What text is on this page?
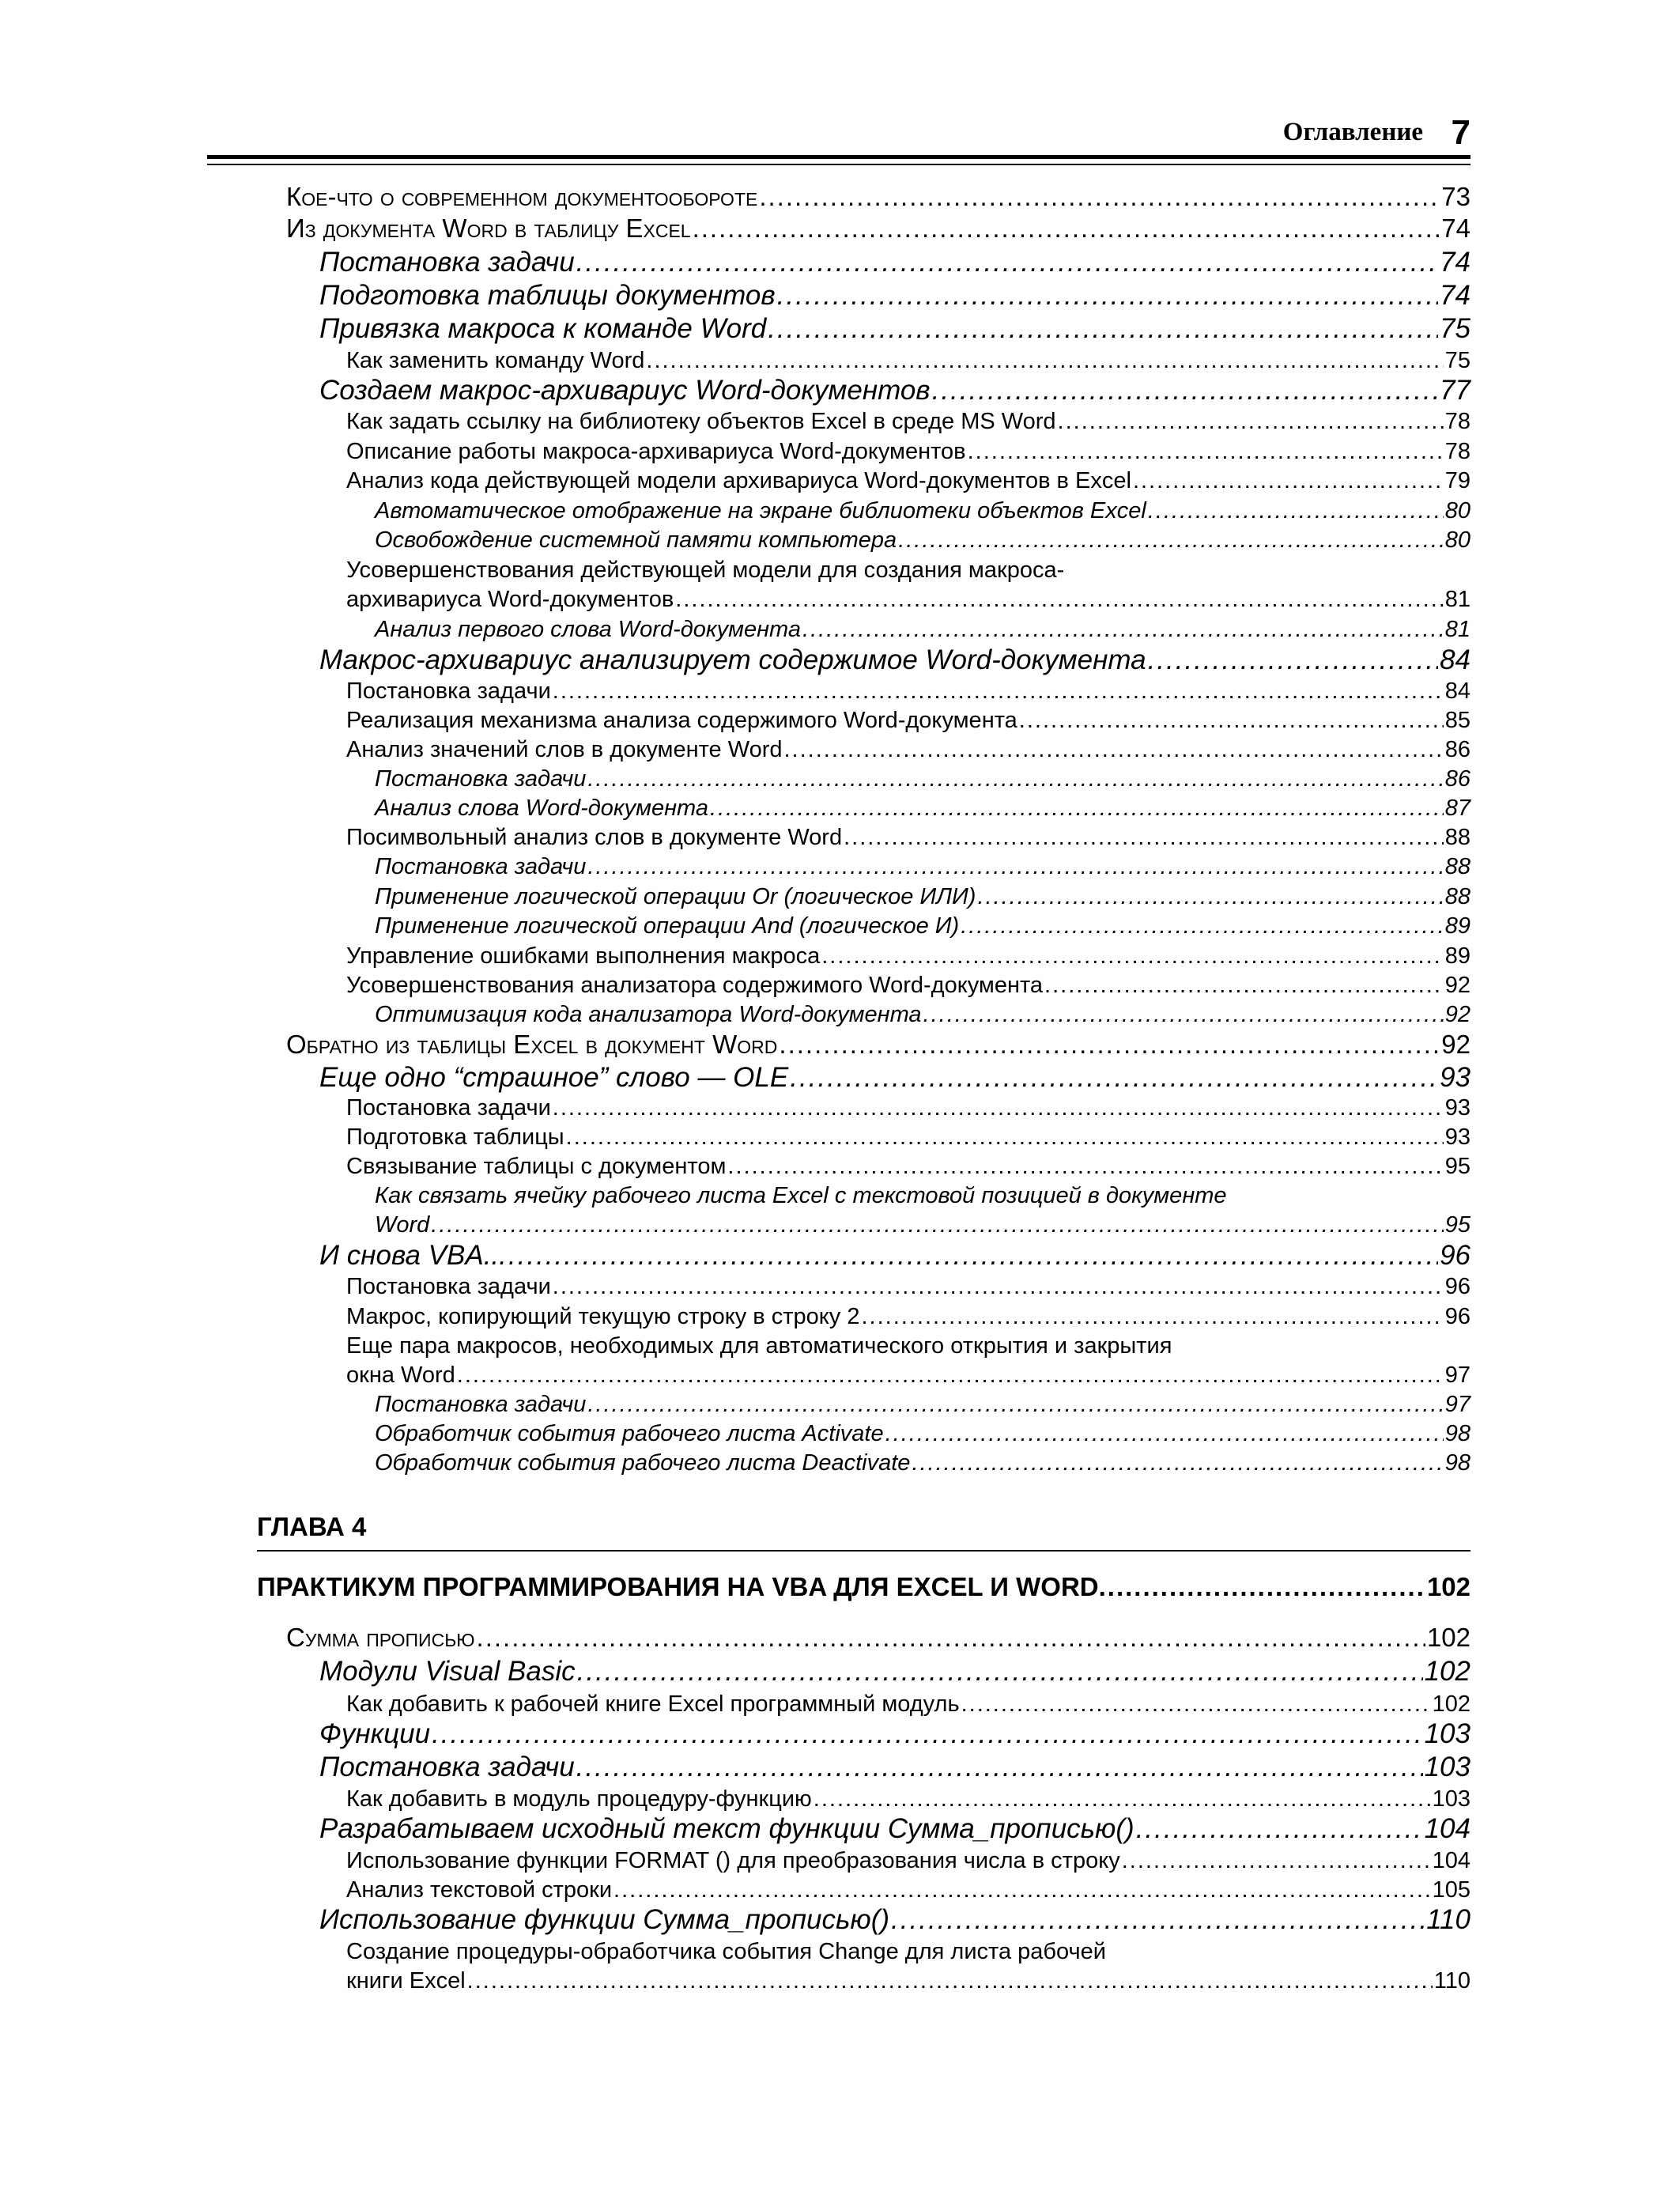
Оглавление 7
Кое-что о современном документообороте .....	73
Из документа Word в таблицу Excel .....	74
Постановка задачи .....	74
Подготовка таблицы документов .....	74
Привязка макроса к команде Word .....	75
Как заменить команду Word .....	75
Создаем макрос-архивариус Word-документов .....	77
Как задать ссылку на библиотеку объектов Excel в среде MS Word .....	78
Описание работы макроса-архивариуса Word-документов .....	78
Анализ кода действующей модели архивариуса Word-документов в Excel .....	79
Автоматическое отображение на экране библиотеки объектов Excel .....	80
Освобождение системной памяти компьютера .....	80
Усовершенствования действующей модели для создания макроса-
архивариуса Word-документов .....	81
Анализ первого слова Word-документа .....	81
Макрос-архивариус анализирует содержимое Word-документа .....	84
Постановка задачи .....	84
Реализация механизма анализа содержимого Word-документа .....	85
Анализ значений слов в документе Word .....	86
Постановка задачи .....	86
Анализ слова Word-документа .....	87
Посимвольный анализ слов в документе Word .....	88
Постановка задачи .....	88
Применение логической операции Or (логическое ИЛИ) .....	88
Применение логической операции And (логическое И) .....	89
Управление ошибками выполнения макроса .....	89
Усовершенствования анализатора содержимого Word-документа .....	92
Оптимизация кода анализатора Word-документа .....	92
Обратно из таблицы Excel в документ Word .....	92
Еще одно “страшное” слово — OLE .....	93
Постановка задачи .....	93
Подготовка таблицы .....	93
Связывание таблицы с документом .....	95
Как связать ячейку рабочего листа Excel с текстовой позицией в документе
Word .....	95
И снова VBA... .....	96
Постановка задачи .....	96
Макрос, копирующий текущую строку в строку 2 .....	96
Еще пара макросов, необходимых для автоматического открытия и закрытия
окна Word .....	97
Постановка задачи .....	97
Обработчик события рабочего листа Activate .....	98
Обработчик события рабочего листа Deactivate .....	98
ГЛАВА 4
ПРАКТИКУМ ПРОГРАММИРОВАНИЯ НА VBA ДЛЯ EXCEL И WORD .....	102
Сумма прописью .....	102
Модули Visual Basic .....	102
Как добавить к рабочей книге Excel программный модуль .....	102
Функции .....	103
Постановка задачи .....	103
Как добавить в модуль процедуру-функцию .....	103
Разрабатываем исходный текст функции Сумма_прописью() .....	104
Использование функции FORMAT () для преобразования числа в строку .....	104
Анализ текстовой строки .....	105
Использование функции Сумма_прописью() .....	110
Создание процедуры-обработчика события Change для листа рабочей
книги Excel .....	110
